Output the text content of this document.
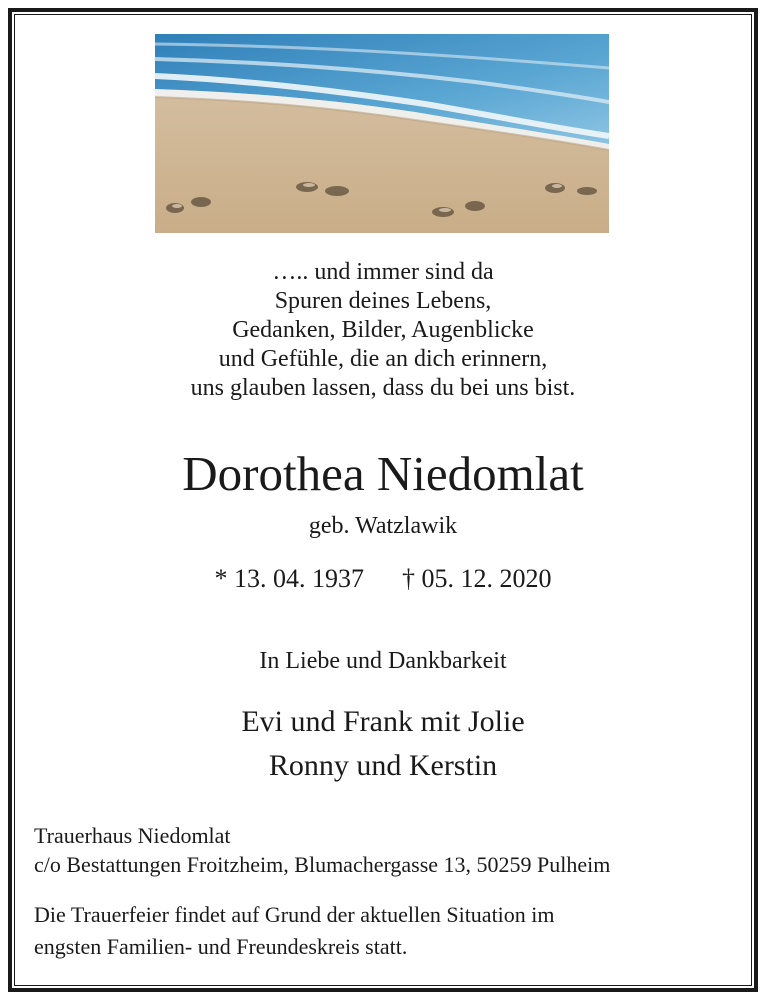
….. und immer sind da
Spuren deines Lebens,
Gedanken, Bilder, Augenblicke
und Gefühle, die an dich erinnern,
uns glauben lassen, dass du bei uns bist.
Dorothea Niedomlat
geb. Watzlawik
* 13. 04. 1937 † 05. 12. 2020
In Liebe und Dankbarkeit
Evi und Frank mit Jolie
Ronny und Kerstin
Trauerhaus Niedomlat
c/o Bestattungen Froitzheim, Blumachergasse 13, 50259 Pulheim
Die Trauerfeier findet auf Grund der aktuellen Situation im
engsten Familien- und Freundeskreis statt.
